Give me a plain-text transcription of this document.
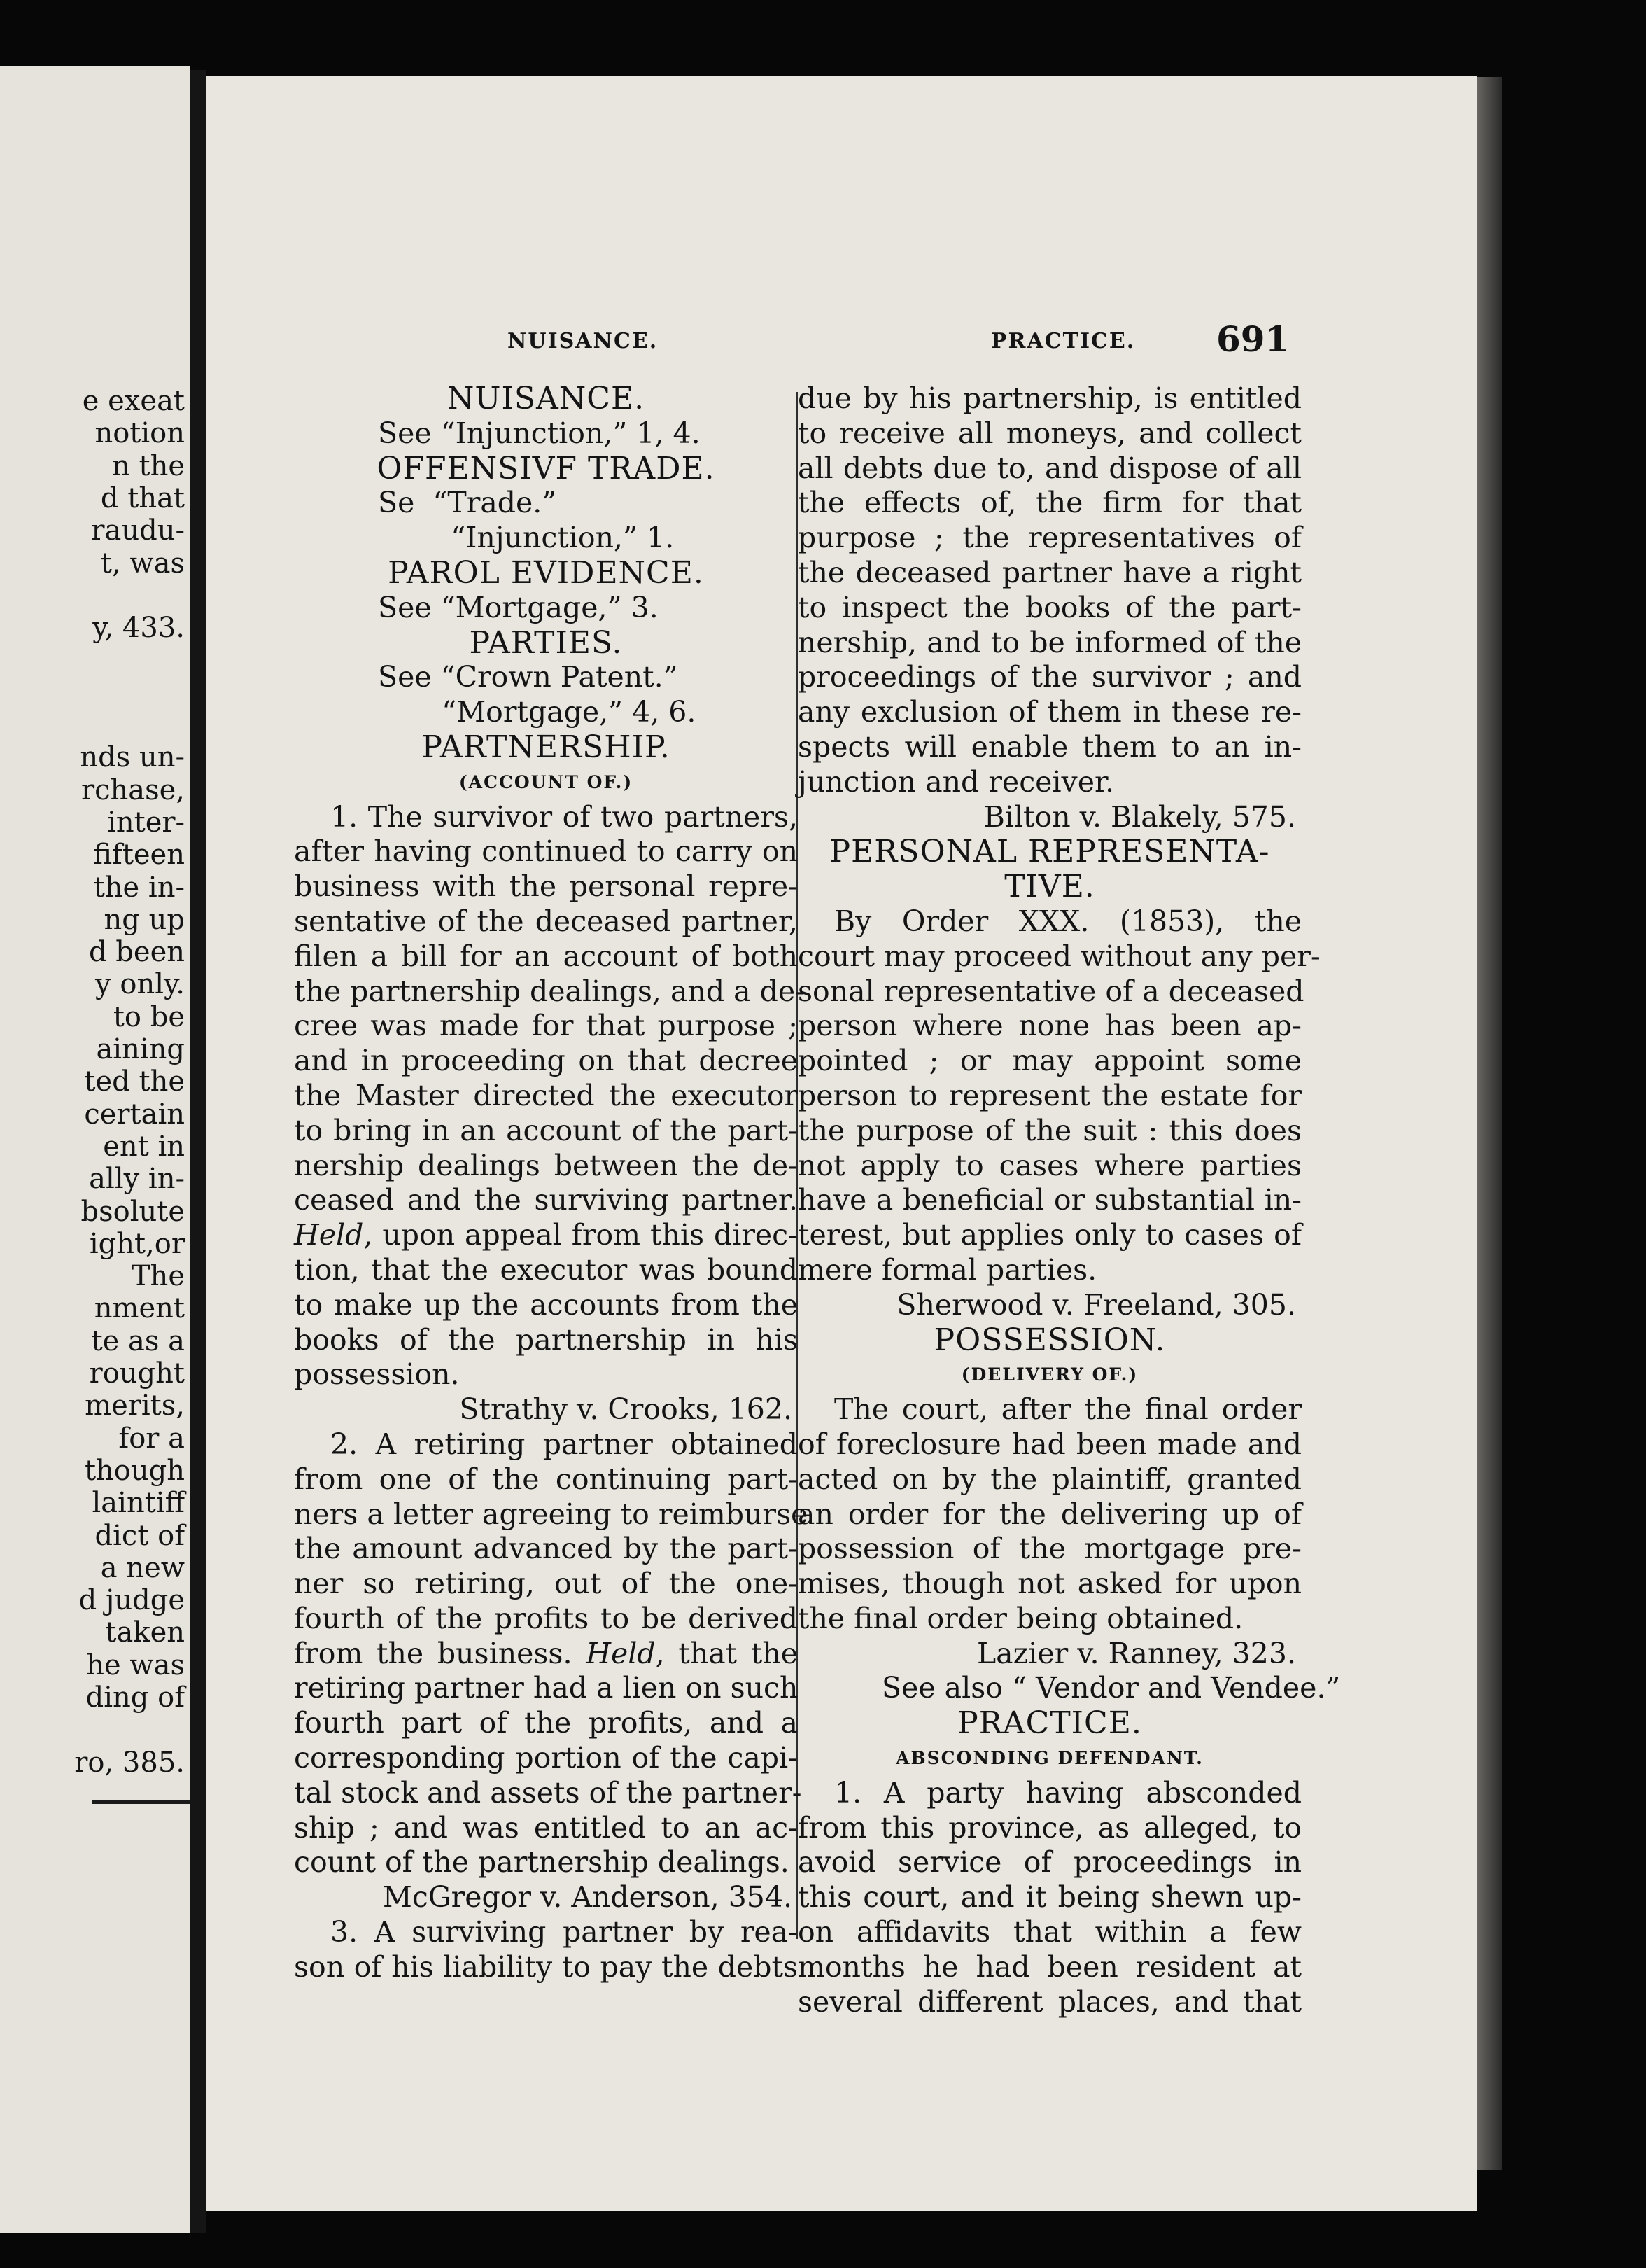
e exeat
notion
n the
d that
raudu-
t, was
y, 433.
nds un-
rchase,
inter-
fifteen
the in-
ng up
d been
y only.
to be
aining
ted the
certain
ent in
ally in-
bsolute
ight,or
The
nment
te as a
rought
merits,
for a
though
laintiff
dict of
a new
d judge
taken
he was
ding of
ro, 385.
NUISANCE.	PRACTICE. 691
NUISANCE.
See “Injunction,” 1, 4.
OFFENSIVF TRADE.
Se  “Trade.”
“Injunction,” 1.
PAROL EVIDENCE.
See “Mortgage,” 3.
PARTIES.
See “Crown Patent.”
“Mortgage,” 4, 6.
PARTNERSHIP.
(ACCOUNT OF.)
1. The survivor of two partners,
after having continued to carry on
business with the personal repre-
sentative of the deceased partner,
filen a bill for an account of both
the partnership dealings, and a de-
cree was made for that purpose ;
and in proceeding on that decree
the Master directed the executor
to bring in an account of the part-
nership dealings between the de-
ceased and the surviving partner.
Held, upon appeal from this direc-
tion, that the executor was bound
to make up the accounts from the
books of the partnership in his
possession.
Strathy v. Crooks, 162.
2. A retiring partner obtained
from one of the continuing part-
ners a letter agreeing to reimburse
the amount advanced by the part-
ner so retiring, out of the one-
fourth of the profits to be derived
from the business. Held, that the
retiring partner had a lien on such
fourth part of the profits, and a
corresponding portion of the capi-
tal stock and assets of the partner-
ship ; and was entitled to an ac-
count of the partnership dealings.
McGregor v. Anderson, 354.
3. A surviving partner by rea-
son of his liability to pay the debts
due by his partnership, is entitled
to receive all moneys, and collect
all debts due to, and dispose of all
the effects of, the firm for that
purpose ; the representatives of
the deceased partner have a right
to inspect the books of the part-
nership, and to be informed of the
proceedings of the survivor ; and
any exclusion of them in these re-
spects will enable them to an in-
junction and receiver.
Bilton v. Blakely, 575.
PERSONAL REPRESENTA-
TIVE.
By Order XXX. (1853), the
court may proceed without any per-
sonal representative of a deceased
person where none has been ap-
pointed ; or may appoint some
person to represent the estate for
the purpose of the suit : this does
not apply to cases where parties
have a beneficial or substantial in-
terest, but applies only to cases of
mere formal parties.
Sherwood v. Freeland, 305.
POSSESSION.
(DELIVERY OF.)
The court, after the final order
of foreclosure had been made and
acted on by the plaintiff, granted
an order for the delivering up of
possession of the mortgage pre-
mises, though not asked for upon
the final order being obtained.
Lazier v. Ranney, 323.
See also “ Vendor and Vendee.”
PRACTICE.
ABSCONDING DEFENDANT.
1. A party having absconded
from this province, as alleged, to
avoid service of proceedings in
this court, and it being shewn up-
on affidavits that within a few
months he had been resident at
several different places, and that
